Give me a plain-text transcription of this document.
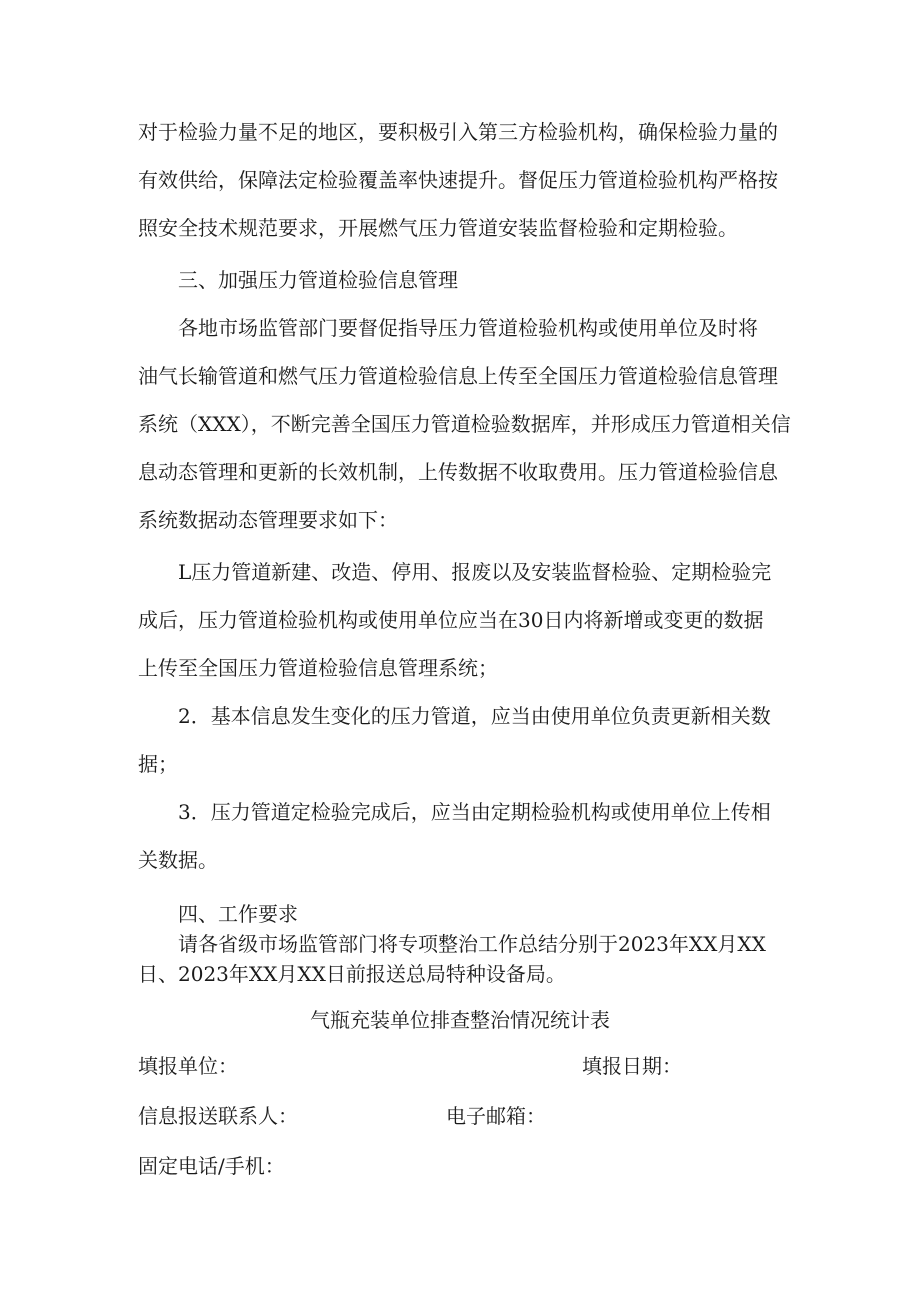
对于检验力量不足的地区，要积极引入第三方检验机构，确保检验力量的
有效供给，保障法定检验覆盖率快速提升。督促压力管道检验机构严格按
照安全技术规范要求，开展燃气压力管道安装监督检验和定期检验。
三、加强压力管道检验信息管理
各地市场监管部门要督促指导压力管道检验机构或使用单位及时将
油气长输管道和燃气压力管道检验信息上传至全国压力管道检验信息管理
系统（XXX），不断完善全国压力管道检验数据库，并形成压力管道相关信
息动态管理和更新的长效机制，上传数据不收取费用。压力管道检验信息
系统数据动态管理要求如下：
L压力管道新建、改造、停用、报废以及安装监督检验、定期检验完
成后，压力管道检验机构或使用单位应当在30日内将新增或变更的数据
上传至全国压力管道检验信息管理系统；
2．基本信息发生变化的压力管道，应当由使用单位负责更新相关数
据；
3．压力管道定检验完成后，应当由定期检验机构或使用单位上传相
关数据。
四、工作要求
请各省级市场监管部门将专项整治工作总结分别于2023年XX月XX
日、2023年XX月XX日前报送总局特种设备局。
气瓶充装单位排查整治情况统计表
填报单位：	填报日期：
信息报送联系人：	电子邮箱：
固定电话/手机：
